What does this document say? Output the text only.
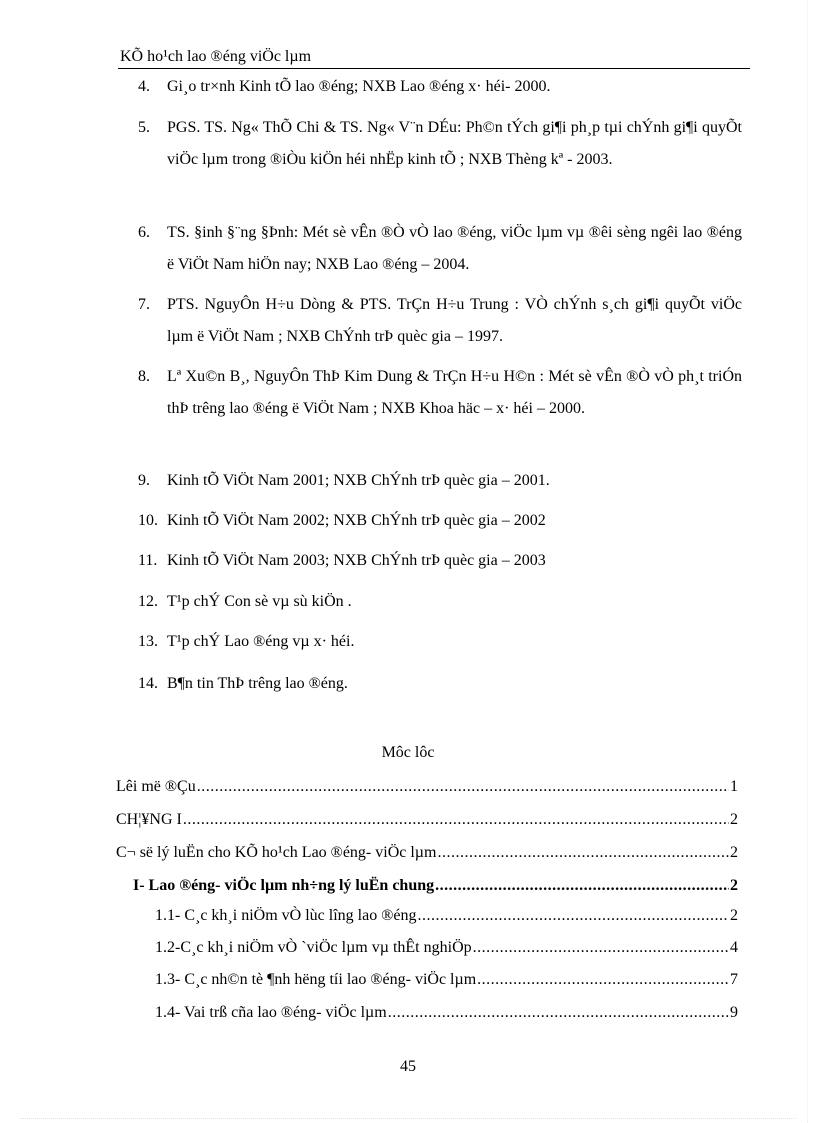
KÕ ho¹ch lao ®éng viÖc lµm
4. Gi¸o tr×nh Kinh tÕ lao ®éng; NXB Lao ®éng x· héi- 2000.
5. PGS. TS. Ng« ThÕ Chi & TS. Ng« V¨n DÉu: Ph©n tÝch gi¶i ph¸p tµi chÝnh gi¶i quyÕt viÖc lµm trong ®iÒu kiÖn héi nhËp kinh tÕ ; NXB Thèng kª - 2003.
6. TS. §inh §¨ng §Þnh: Mét sè vÊn ®Ò vÒ lao ®éng, viÖc lµm vµ ®êi sèng ngêi lao ®éng ë ViÖt Nam hiÖn nay; NXB Lao ®éng – 2004.
7. PTS. NguyÔn H÷u Dòng & PTS. TrÇn H÷u Trung : VÒ chÝnh s¸ch gi¶i quyÕt viÖc lµm ë ViÖt Nam ; NXB ChÝnh trÞ quèc gia – 1997.
8. Lª Xu©n B¸, NguyÔn ThÞ Kim Dung & TrÇn H÷u H©n : Mét sè vÊn ®Ò vÒ ph¸t triÓn thÞ trêng lao ®éng ë ViÖt Nam ; NXB Khoa häc – x· héi – 2000.
9. Kinh tÕ ViÖt Nam 2001; NXB ChÝnh trÞ quèc gia – 2001.
10. Kinh tÕ ViÖt Nam 2002; NXB ChÝnh trÞ quèc gia – 2002
11. Kinh tÕ ViÖt Nam 2003; NXB ChÝnh trÞ quèc gia – 2003
12. T¹p chÝ Con sè vµ sù kiÖn .
13. T¹p chÝ Lao ®éng vµ x· héi.
14. B¶n tin ThÞ trêng lao ®éng.
Môc lôc
Lêi më ®Çu .....	1
CH¦¥NG I .....	2
C¬ së lý luËn cho KÕ ho¹ch Lao ®éng- viÖc lµm .....	2
I- Lao ®éng- viÖc lµm nh÷ng lý luËn chung .....	2
1.1- C¸c kh¸i niÖm vÒ lùc lîng lao ®éng .....	2
1.2-C¸c kh¸i niÖm vÒ `viÖc lµm vµ thÊt nghiÖp .....	4
1.3- C¸c nh©n tè ¶nh hëng tíi lao ®éng- viÖc lµm .....	7
1.4- Vai trß cña lao ®éng- viÖc lµm .....	9
45
